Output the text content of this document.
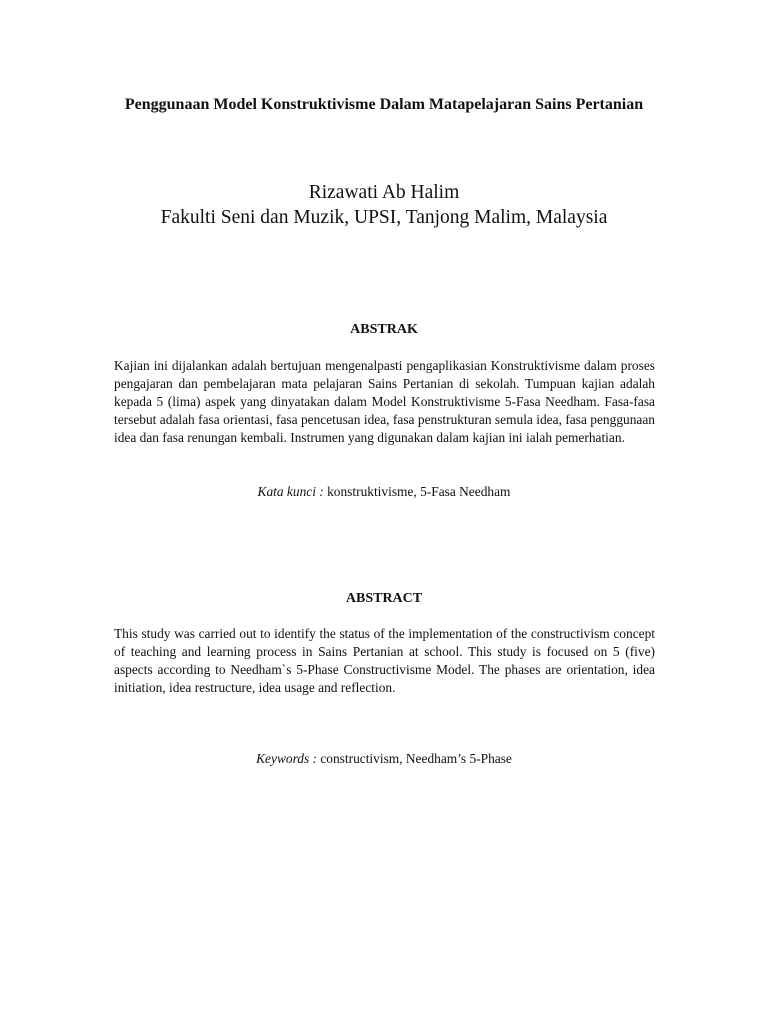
Penggunaan Model Konstruktivisme Dalam Matapelajaran Sains Pertanian
Rizawati Ab Halim
Fakulti Seni dan Muzik, UPSI, Tanjong Malim, Malaysia
ABSTRAK
Kajian ini dijalankan adalah bertujuan mengenalpasti pengaplikasian Konstruktivisme dalam proses pengajaran dan pembelajaran mata pelajaran Sains Pertanian di sekolah. Tumpuan kajian adalah kepada 5 (lima) aspek yang dinyatakan dalam Model Konstruktivisme 5-Fasa Needham. Fasa-fasa tersebut adalah fasa orientasi, fasa pencetusan idea, fasa penstrukturan semula idea, fasa penggunaan idea dan fasa renungan kembali. Instrumen yang digunakan dalam kajian ini ialah pemerhatian.
Kata kunci : konstruktivisme, 5-Fasa Needham
ABSTRACT
This study was carried out to identify the status of the implementation of the constructivism concept of teaching and learning process in Sains Pertanian at school. This study is focused on 5 (five) aspects according to Needham`s 5-Phase Constructivisme Model. The phases are orientation, idea initiation, idea restructure, idea usage and reflection.
Keywords : constructivism, Needham’s 5-Phase
